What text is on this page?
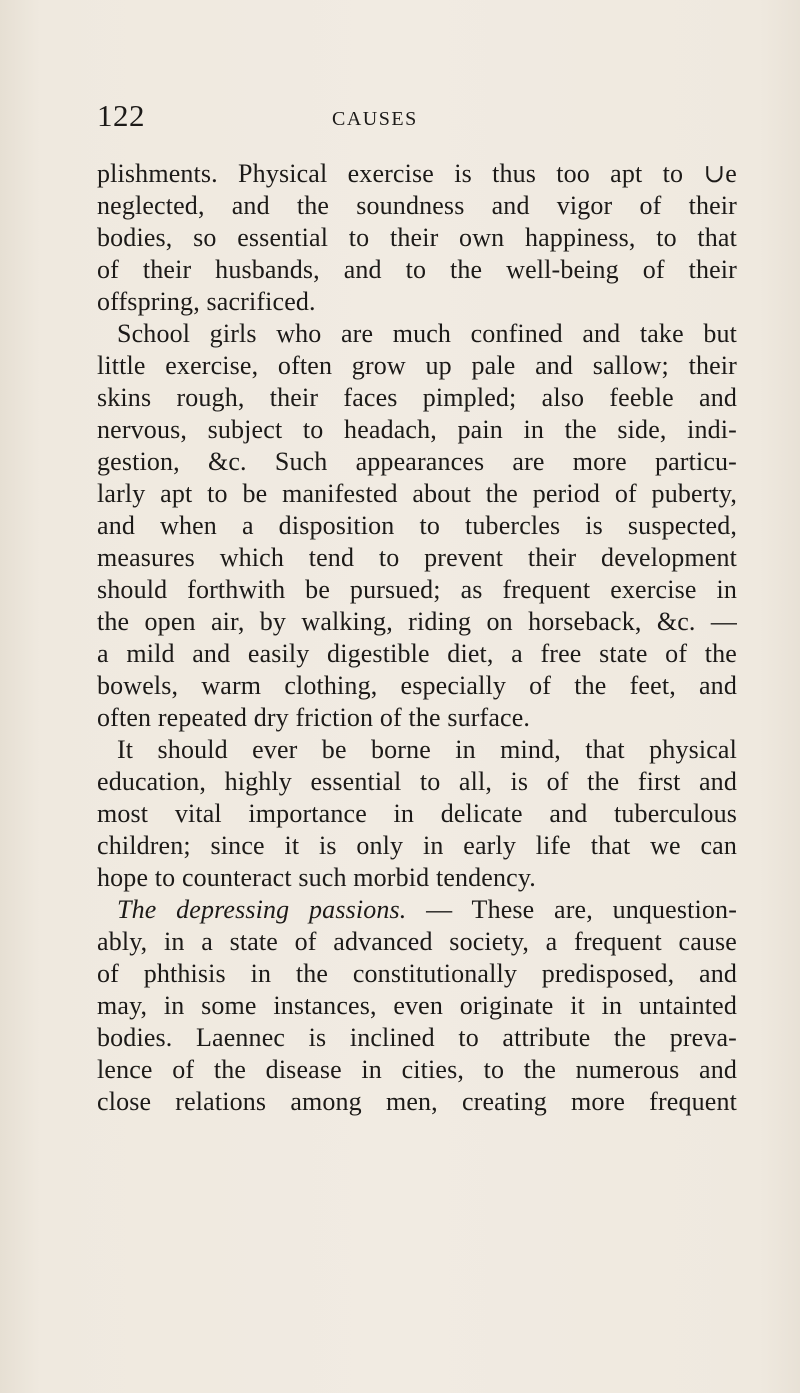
122	CAUSES
plishments. Physical exercise is thus too apt to ∪e
neglected, and the soundness and vigor of their
bodies, so essential to their own happiness, to that
of their husbands, and to the well-being of their
offspring, sacrificed.
School girls who are much confined and take but
little exercise, often grow up pale and sallow; their
skins rough, their faces pimpled; also feeble and
nervous, subject to headach, pain in the side, indi-
gestion, &c. Such appearances are more particu-
larly apt to be manifested about the period of puberty,
and when a disposition to tubercles is suspected,
measures which tend to prevent their development
should forthwith be pursued; as frequent exercise in
the open air, by walking, riding on horseback, &c. —
a mild and easily digestible diet, a free state of the
bowels, warm clothing, especially of the feet, and
often repeated dry friction of the surface.
It should ever be borne in mind, that physical
education, highly essential to all, is of the first and
most vital importance in delicate and tuberculous
children; since it is only in early life that we can
hope to counteract such morbid tendency.
The depressing passions. — These are, unquestion-
ably, in a state of advanced society, a frequent cause
of phthisis in the constitutionally predisposed, and
may, in some instances, even originate it in untainted
bodies. Laennec is inclined to attribute the preva-
lence of the disease in cities, to the numerous and
close relations among men, creating more frequent
